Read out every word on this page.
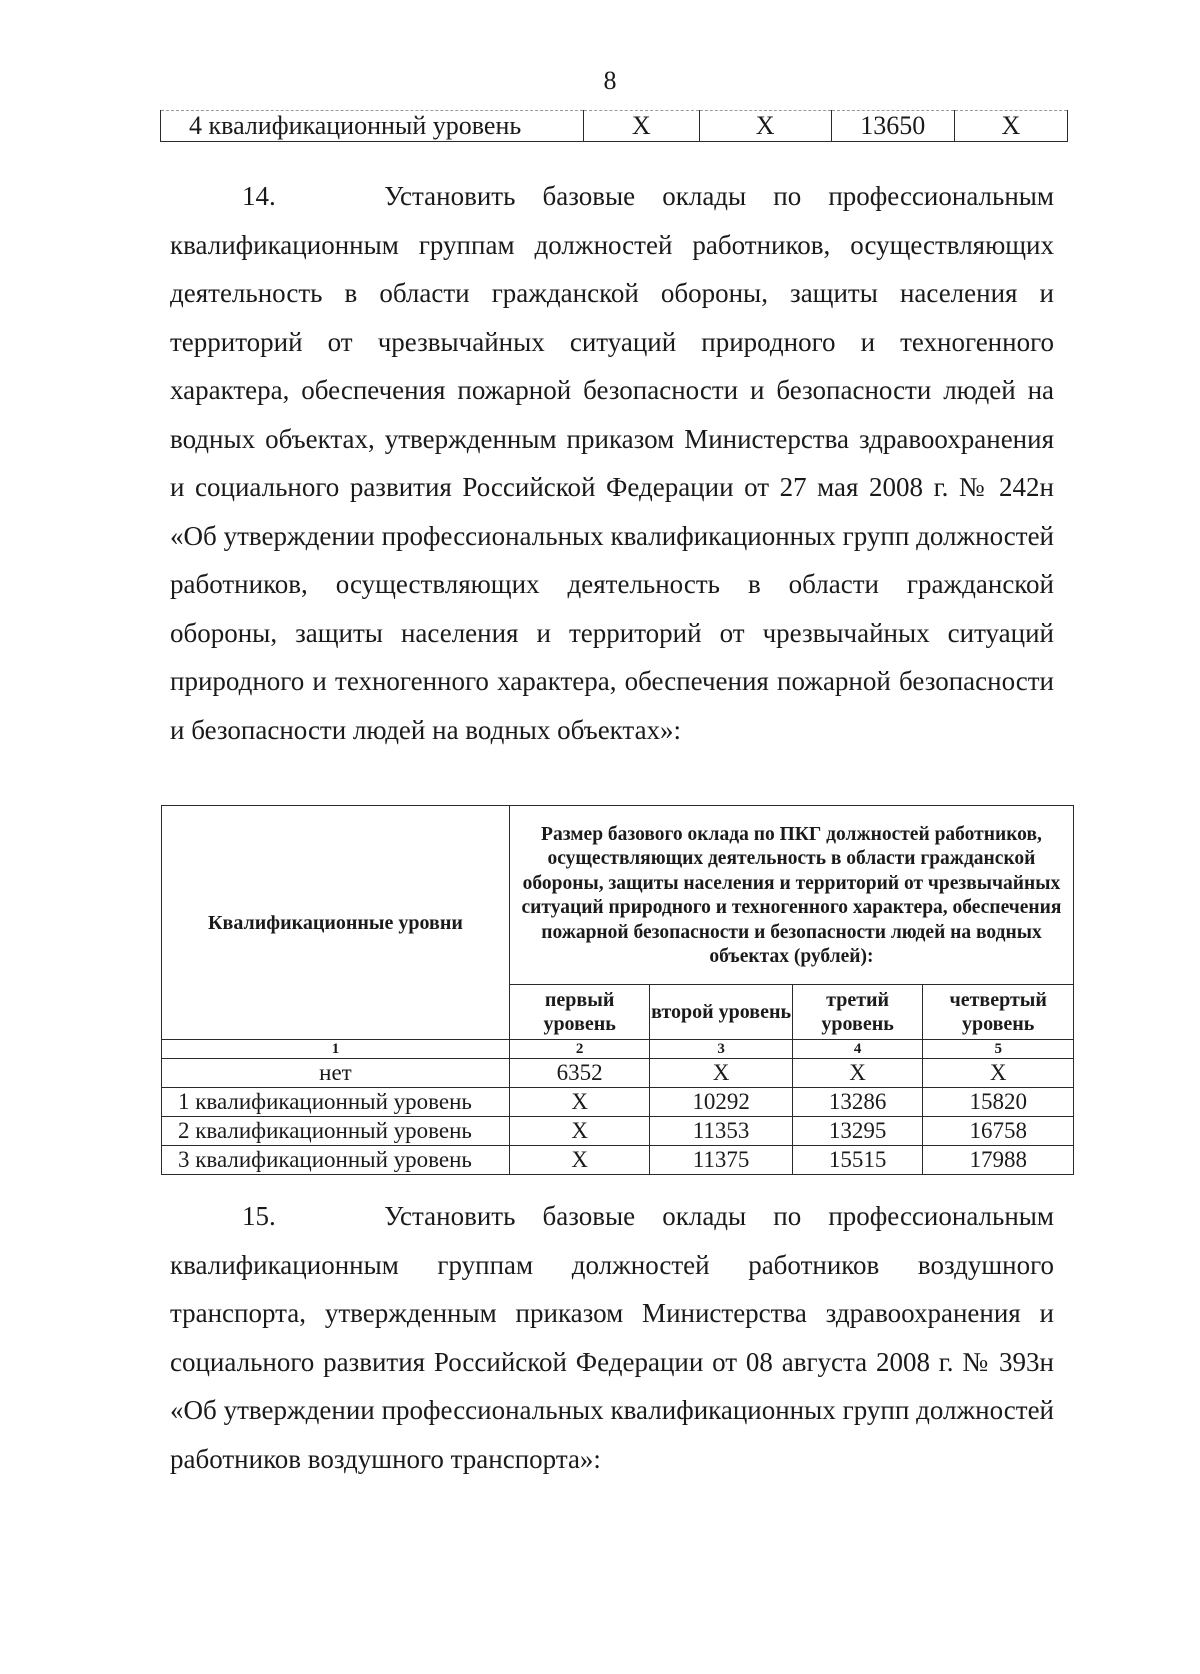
8
4 квалификационный уровень	X	X	13650	X

14.	Установить базовые оклады по профессиональным квалификационным группам должностей работников, осуществляющих деятельность в области гражданской обороны, защиты населения и территорий от чрезвычайных ситуаций природного и техногенного характера, обеспечения пожарной безопасности и безопасности людей на водных объектах, утвержденным приказом Министерства здравоохранения и социального развития Российской Федерации от 27 мая 2008 г. № 242н «Об утверждении профессиональных квалификационных групп должностей работников, осуществляющих деятельность в области гражданской обороны, защиты населения и территорий от чрезвычайных ситуаций природного и техногенного характера, обеспечения пожарной безопасности и безопасности людей на водных объектах»:

Квалификационные уровни	Размер базового оклада по ПКГ должностей работников, осуществляющих деятельность в области гражданской обороны, защиты населения и территорий от чрезвычайных ситуаций природного и техногенного характера, обеспечения пожарной безопасности и безопасности людей на водных объектах (рублей):			
	первый уровень	второй уровень	третий уровень	четвертый уровень
1	2	3	4	5
нет	6352	X	X	X
1 квалификационный уровень	X	10292	13286	15820
2 квалификационный уровень	X	11353	13295	16758
3 квалификационный уровень	X	11375	15515	17988

15.	Установить базовые оклады по профессиональным квалификационным группам должностей работников воздушного транспорта, утвержденным приказом Министерства здравоохранения и социального развития Российской Федерации от 08 августа 2008 г. № 393н «Об утверждении профессиональных квалификационных групп должностей работников воздушного транспорта»:
